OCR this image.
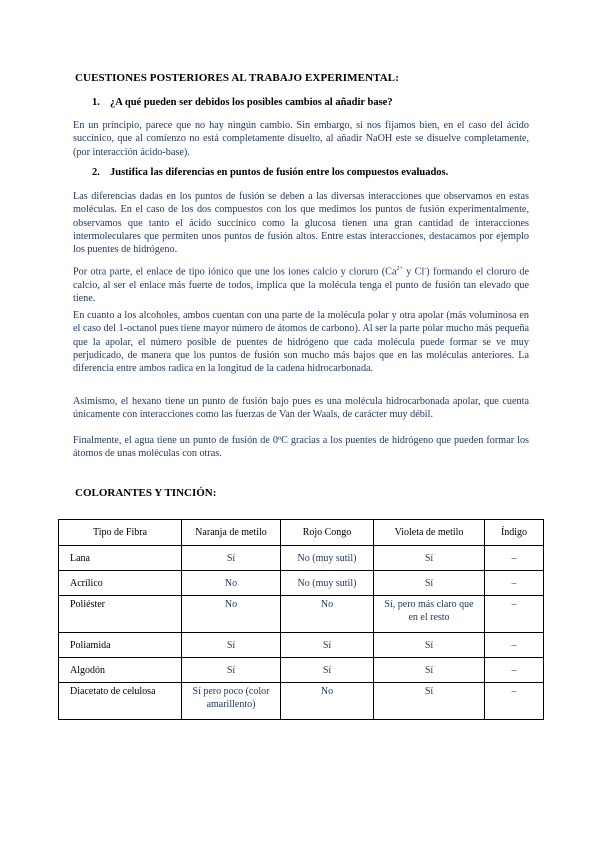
CUESTIONES POSTERIORES AL TRABAJO EXPERIMENTAL:
1. ¿A qué pueden ser debidos los posibles cambios al añadir base?

En un principio, parece que no hay ningún cambio. Sin embargo, si nos fijamos bien, en el caso del ácido succínico, que al comienzo no está completamente disuelto, al añadir NaOH este se disuelve completamente, (por interacción ácido-base).

2. Justifica las diferencias en puntos de fusión entre los compuestos evaluados.

Las diferencias dadas en los puntos de fusión se deben a las diversas interacciones que observamos en estas moléculas. En el caso de los dos compuestos con los que medimos los puntos de fusión experimentalmente, observamos que tanto el ácido succínico como la glucosa tienen una gran cantidad de interacciones intermoleculares que permiten unos puntos de fusión altos. Entre estas interacciones, destacamos por ejemplo los puentes de hidrógeno.

Por otra parte, el enlace de tipo iónico que une los iones calcio y cloruro ($Ca^{2+}$ y Cl-) formando el cloruro de calcio, al ser el enlace más fuerte de todos, implica que la molécula tenga el punto de fusión tan elevado que tiene.

En cuanto a los alcoholes, ambos cuentan con una parte de la molécula polar y otra apolar (más voluminosa en el caso del 1-octanol pues tiene mayor número de átomos de carbono). Al ser la parte polar mucho más pequeña que la apolar, el número posible de puentes de hidrógeno que cada molécula puede formar se ve muy perjudicado, de manera que los puntos de fusión son mucho más bajos que en las moléculas anteriores. La diferencia entre ambos radica en la longitud de la cadena hidrocarbonada.

Asimismo, el hexano tiene un punto de fusión bajo pues es una molécula hidrocarbonada apolar, que cuenta únicamente con interacciones como las fuerzas de Van der Waals, de carácter muy débil.

Finalmente, el agua tiene un punto de fusión de 0ºC gracias a los puentes de hidrógeno que pueden formar los átomos de unas moléculas con otras.

COLORANTES Y TINCIÓN:
Tipo de Fibra	Naranja de metilo	Rojo Congo	Violeta de metilo	Índigo
Lana	Sí	No (muy sutil)	Sí	–
Acrílico	No	No (muy sutil)	Sí	–
Poliéster	No	No	Sí, pero más claro que en el resto	–
Poliamida	Sí	Sí	Sí	–
Algodón	Sí	Sí	Sí	–
Diacetato de celulosa	Sí pero poco (color amarillento)	No	Sí	–
